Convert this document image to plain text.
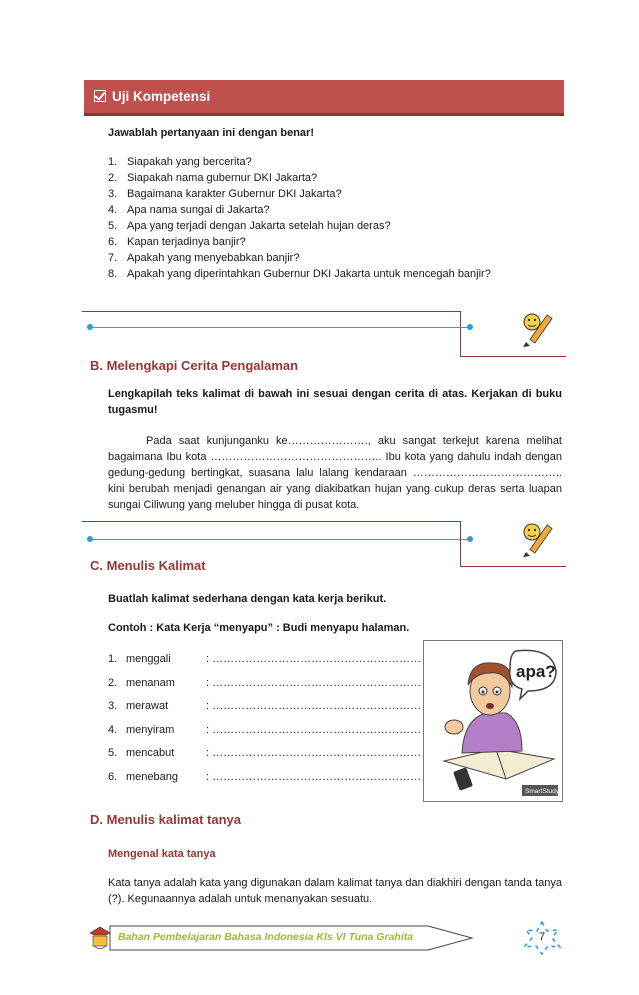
Uji Kompetensi
Jawablah pertanyaan ini dengan benar!
1. Siapakah yang bercerita?
2. Siapakah nama gubernur DKI Jakarta?
3. Bagaimana karakter Gubernur DKI Jakarta?
4. Apa nama sungai di Jakarta?
5. Apa yang terjadi dengan Jakarta setelah hujan deras?
6. Kapan terjadinya banjir?
7. Apakah yang menyebabkan banjir?
8. Apakah yang diperintahkan Gubernur DKI Jakarta untuk mencegah banjir?
B. Melengkapi Cerita Pengalaman
Lengkapilah teks kalimat di bawah ini sesuai dengan cerita di atas. Kerjakan di buku tugasmu!
Pada saat kunjunganku ke…………………., aku sangat terkejut karena melihat bagaimana Ibu kota ……………………………………….. Ibu kota yang dahulu indah dengan gedung-gedung bertingkat, suasana lalu lalang kendaraan ………………………………….. kini berubah menjadi genangan air yang diakibatkan hujan yang cukup deras serta luapan sungai Ciliwung yang meluber hingga di pusat kota.
C. Menulis Kalimat
Buatlah kalimat sederhana dengan kata kerja berikut.
Contoh : Kata Kerja “menyapu” : Budi menyapu halaman.
1. menggali	: …………………………………………………
2. menanam	: …………………………………………………
3. merawat	: …………………………………………………
4. menyiram	: …………………………………………………
5. mencabut	: …………………………………………………
6. menebang	: …………………………………………………
apa?
SmartStudy
D. Menulis kalimat tanya
Mengenal kata tanya
Kata tanya adalah kata yang digunakan dalam kalimat tanya dan diakhiri dengan tanda tanya (?). Kegunaannya adalah untuk menanyakan sesuatu.
Bahan Pembelajaran Bahasa Indonesia Kls VI Tuna Grahita	7
